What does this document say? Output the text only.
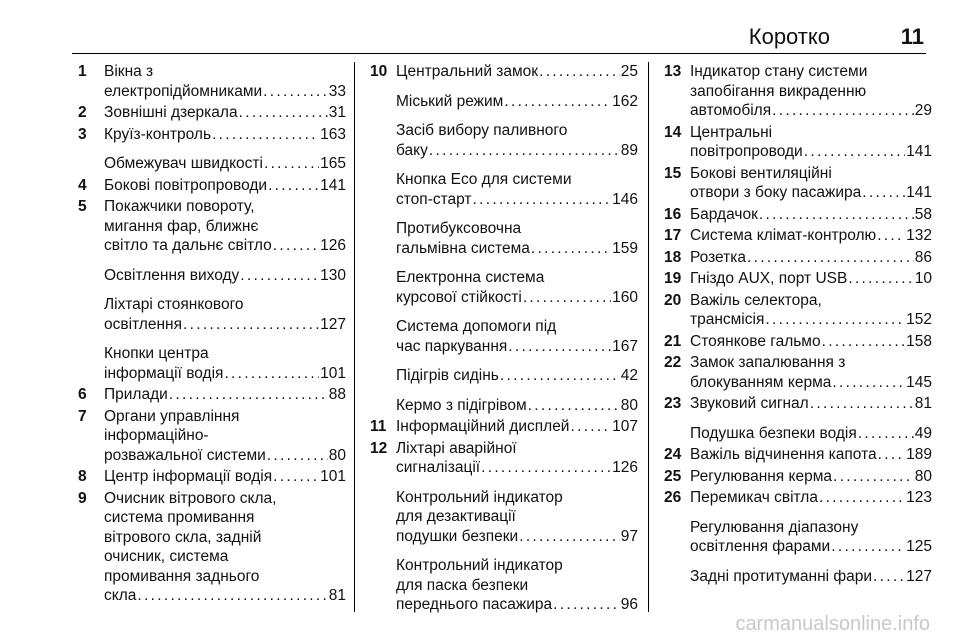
Коротко	11
1 Вікна з
електропідйомниками . . .	33
2 Зовнішні дзеркала . . .	31
3 Круїз-контроль . . .	163
Обмежувач швидкості . . .	165
4 Бокові повітропроводи . . .	141
5 Покажчики повороту,
мигання фар, ближнє
світло та дальнє світло . . .	126
Освітлення виходу . . .	130
Ліхтарі стоянкового
освітлення . . .	127
Кнопки центра
інформації водія . . .	101
6 Прилади . . .	88
7 Органи управління
інформаційно-
розважальної системи . . .	80
8 Центр інформації водія . . .	101
9 Очисник вітрового скла,
система промивання
вітрового скла, задній
очисник, система
промивання заднього
скла . . .	81
10 Центральний замок . . .	25
Міський режим . . .	162
Засіб вибору паливного
баку . . .	89
Кнопка Eco для системи
стоп-старт . . .	146
Протибуксовочна
гальмівна система . . .	159
Електронна система
курсової стійкості . . .	160
Система допомоги під
час паркування . . .	167
Підігрів сидінь . . .	42
Кермо з підігрівом . . .	80
11 Інформаційний дисплей . . .	107
12 Ліхтарі аварійної
сигналізації . . .	126
Контрольний індикатор
для дезактивації
подушки безпеки . . .	97
Контрольний індикатор
для паска безпеки
переднього пасажира . . .	96
13 Індикатор стану системи
запобігання викраденню
автомобіля . . .	29
14 Центральні
повітропроводи . . .	141
15 Бокові вентиляційні
отвори з боку пасажира . . .	141
16 Бардачок . . .	58
17 Система клімат-контролю . . . 132
18 Розетка . . .	86
19 Гніздо AUX, порт USB . . .	10
20 Важіль селектора,
трансмісія . . .	152
21 Стоянкове гальмо . . .	158
22 Замок запалювання з
блокуванням керма . . .	145
23 Звуковий сигнал . . .	81
Подушка безпеки водія . . .	49
24 Важіль відчинення капота . . . 189
25 Регулювання керма . . .	80
26 Перемикач світла . . .	123
Регулювання діапазону
освітлення фарами . . .	125
Задні протитуманні фари . . . 127
carmanualsonline.info
